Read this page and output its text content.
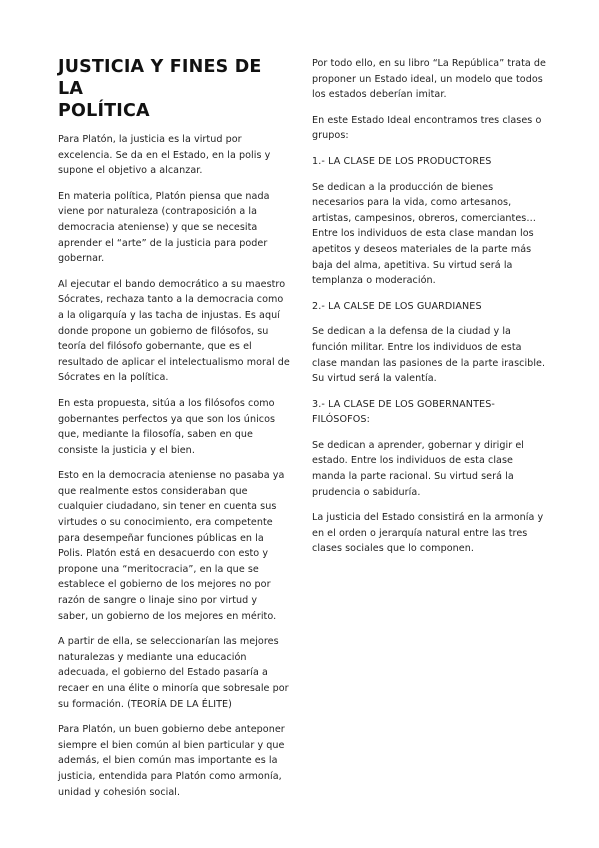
JUSTICIA Y FINES DE LA
POLÍTICA

Para Platón, la justicia es la virtud por excelencia. Se da en el Estado, en la polis y supone el objetivo a alcanzar.

En materia política, Platón piensa que nada viene por naturaleza (contraposición a la democracia ateniense) y que se necesita aprender el “arte” de la justicia para poder gobernar.

Al ejecutar el bando democrático a su maestro Sócrates, rechaza tanto a la democracia como a la oligarquía y las tacha de injustas. Es aquí donde propone un gobierno de filósofos, su teoría del filósofo gobernante, que es el resultado de aplicar el intelectualismo moral de Sócrates en la política.

En esta propuesta, sitúa a los filósofos como gobernantes perfectos ya que son los únicos que, mediante la filosofía, saben en que consiste la justicia y el bien.

Esto en la democracia ateniense no pasaba ya que realmente estos consideraban que cualquier ciudadano, sin tener en cuenta sus virtudes o su conocimiento, era competente para desempeñar funciones públicas en la Polis. Platón está en desacuerdo con esto y propone una “meritocracia”, en la que se establece el gobierno de los mejores no por razón de sangre o linaje sino por virtud y saber, un gobierno de los mejores en mérito.

A partir de ella, se seleccionarían las mejores naturalezas y mediante una educación adecuada, el gobierno del Estado pasaría a recaer en una élite o minoría que sobresale por su formación. (TEORÍA DE LA ÉLITE)

Para Platón, un buen gobierno debe anteponer siempre el bien común al bien particular y que además, el bien común mas importante es la justicia, entendida para Platón como armonía, unidad y cohesión social.

Por todo ello, en su libro “La República” trata de proponer un Estado ideal, un modelo que todos los estados deberían imitar.

En este Estado Ideal encontramos tres clases o grupos:

1.- LA CLASE DE LOS PRODUCTORES

Se dedican a la producción de bienes necesarios para la vida, como artesanos, artistas, campesinos, obreros, comerciantes… Entre los individuos de esta clase mandan los apetitos y deseos materiales de la parte más baja del alma, apetitiva. Su virtud será la templanza o moderación.

2.- LA CALSE DE LOS GUARDIANES

Se dedican a la defensa de la ciudad y la función militar. Entre los individuos de esta clase mandan las pasiones de la parte irascible. Su virtud será la valentía.

3.- LA CLASE DE LOS GOBERNANTES-FILÓSOFOS:

Se dedican a aprender, gobernar y dirigir el estado. Entre los individuos de esta clase manda la parte racional. Su virtud será la prudencia o sabiduría.

La justicia del Estado consistirá en la armonía y en el orden o jerarquía natural entre las tres clases sociales que lo componen.
